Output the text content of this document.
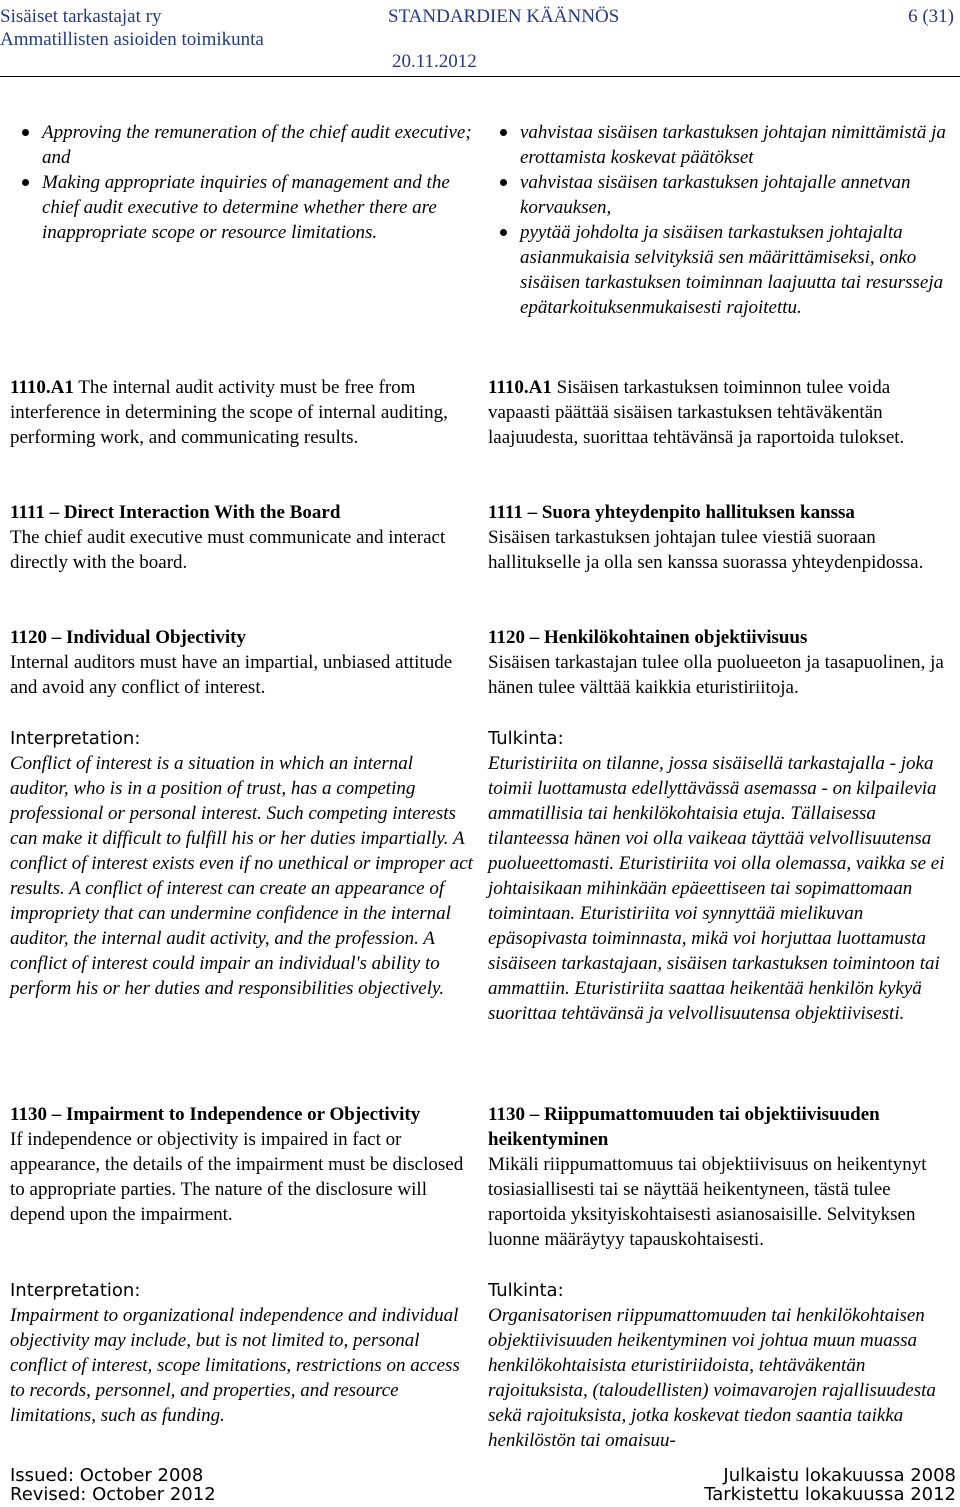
Sisäiset tarkastajat ry
Ammatillisten asioiden toimikunta
STANDARDIEN KÄÄNNÖS
20.11.2012
6 (31)
Approving the remuneration of the chief audit executive; and
Making appropriate inquiries of management and the chief audit executive to determine whether there are inappropriate scope or resource limitations.

1110.A1 The internal audit activity must be free from interference in determining the scope of internal auditing, performing work, and communicating results.

1111 – Direct Interaction With the Board

The chief audit executive must communicate and interact directly with the board.

1120 – Individual Objectivity

Internal auditors must have an impartial, unbiased attitude and avoid any conflict of interest.

Interpretation:

Conflict of interest is a situation in which an internal auditor, who is in a position of trust, has a competing professional or personal interest. Such competing interests can make it difficult to fulfill his or her duties impartially. A conflict of interest exists even if no unethical or improper act results. A conflict of interest can create an appearance of impropriety that can undermine confidence in the internal auditor, the internal audit activity, and the profession. A conflict of interest could impair an individual's ability to perform his or her duties and responsibilities objectively.

1130 – Impairment to Independence or Objectivity

If independence or objectivity is impaired in fact or appearance, the details of the impairment must be disclosed to appropriate parties. The nature of the disclosure will depend upon the impairment.

Interpretation:

Impairment to organizational independence and individual objectivity may include, but is not limited to, personal conflict of interest, scope limitations, restrictions on access to records, personnel, and properties, and resource limitations, such as funding.

vahvistaa sisäisen tarkastuksen johtajan nimittämistä ja erottamista koskevat päätökset
vahvistaa sisäisen tarkastuksen johtajalle annetvan korvauksen,
pyytää johdolta ja sisäisen tarkastuksen johtajalta asianmukaisia selvityksiä sen määrittämiseksi, onko sisäisen tarkastuksen toiminnan laajuutta tai resursseja epätarkoituksenmukaisesti rajoitettu.

1110.A1 Sisäisen tarkastuksen toiminnon tulee voida vapaasti päättää sisäisen tarkastuksen tehtäväkentän laajuudesta, suorittaa tehtävänsä ja raportoida tulokset.

1111 – Suora yhteydenpito hallituksen kanssa

Sisäisen tarkastuksen johtajan tulee viestiä suoraan hallitukselle ja olla sen kanssa suorassa yhteydenpidossa.

1120 – Henkilökohtainen objektiivisuus

Sisäisen tarkastajan tulee olla puolueeton ja tasapuolinen, ja hänen tulee välttää kaikkia eturistiriitoja.

Tulkinta:

Eturistiriita on tilanne, jossa sisäisellä tarkastajalla - joka toimii luottamusta edellyttävässä asemassa - on kilpailevia ammatillisia tai henkilökohtaisia etuja. Tällaisessa tilanteessa hänen voi olla vaikeaa täyttää velvollisuutensa puolueettomasti. Eturistiriita voi olla olemassa, vaikka se ei johtaisikaan mihinkään epäeettiseen tai sopimattomaan toimintaan. Eturistiriita voi synnyttää mielikuvan epäsopivasta toiminnasta, mikä voi horjuttaa luottamusta sisäiseen tarkastajaan, sisäisen tarkastuksen toimintoon tai ammattiin. Eturistiriita saattaa heikentää henkilön kykyä suorittaa tehtävänsä ja velvollisuutensa objektiivisesti.

1130 – Riippumattomuuden tai objektiivisuuden heikentyminen

Mikäli riippumattomuus tai objektiivisuus on heikentynyt tosiasiallisesti tai se näyttää heikentyneen, tästä tulee raportoida yksityiskohtaisesti asianosaisille. Selvityksen luonne määräytyy tapauskohtaisesti.

Tulkinta:

Organisatorisen riippumattomuuden tai henkilökohtaisen objektiivisuuden heikentyminen voi johtua muun muassa henkilökohtaisista eturistiriidoista, tehtäväkentän rajoituksista, (taloudellisten) voimavarojen rajallisuudesta sekä rajoituksista, jotka koskevat tiedon saantia taikka henkilöstön tai omaisuu-

Issued: October 2008
Revised: October 2012
Julkaistu lokakuussa 2008
Tarkistettu lokakuussa 2012
